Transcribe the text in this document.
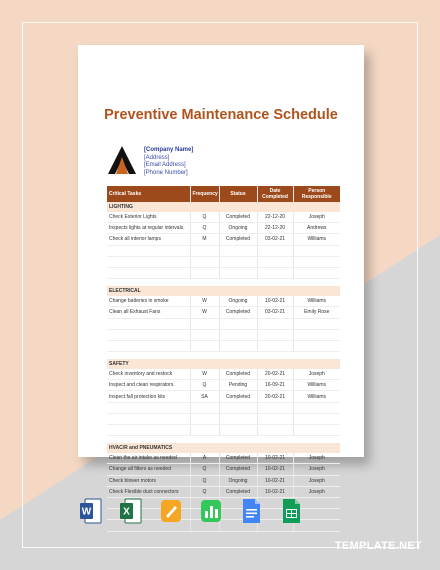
Preventive Maintenance Schedule
[Company Name]
[Address]
[Email Address]
[Phone Number]
Critical Tasks	Frequency	Status	Date Completed	Person Responsible
LIGHTING				
Check Exterior Lights	Q	Completed	22-12-20	Joseph
Inspects lights at regular intervals.	Q	Ongoing	22-12-20	Andrews
Check all interior lamps	M	Completed	03-02-21	Williams

ELECTRICAL				
Change batteries in smoke	W	Ongoing	10-02-21	Williams
Clean all Exhaust Fans	W	Completed	03-02-21	Emily Rose

SAFETY				
Check inventory and restock	W	Completed	20-02-21	Joseph
Inspect and clean respirators.	Q	Pending	16-09-21	Williams
Inspect fall protection kits	SA	Completed	20-02-21	Williams

HVAC/R and PNEUMATICS				
Clean the air intake as needed	A	Completed	10-02-21	Joseph
Change all filters as needed	Q	Completed	10-02-21	Joseph
Check blower motors	Q	Ongoing	10-02-21	Joseph
Check Flexible duct connectors	Q	Completed	10-02-21	Joseph

W	X
TEMPLATE.NET
